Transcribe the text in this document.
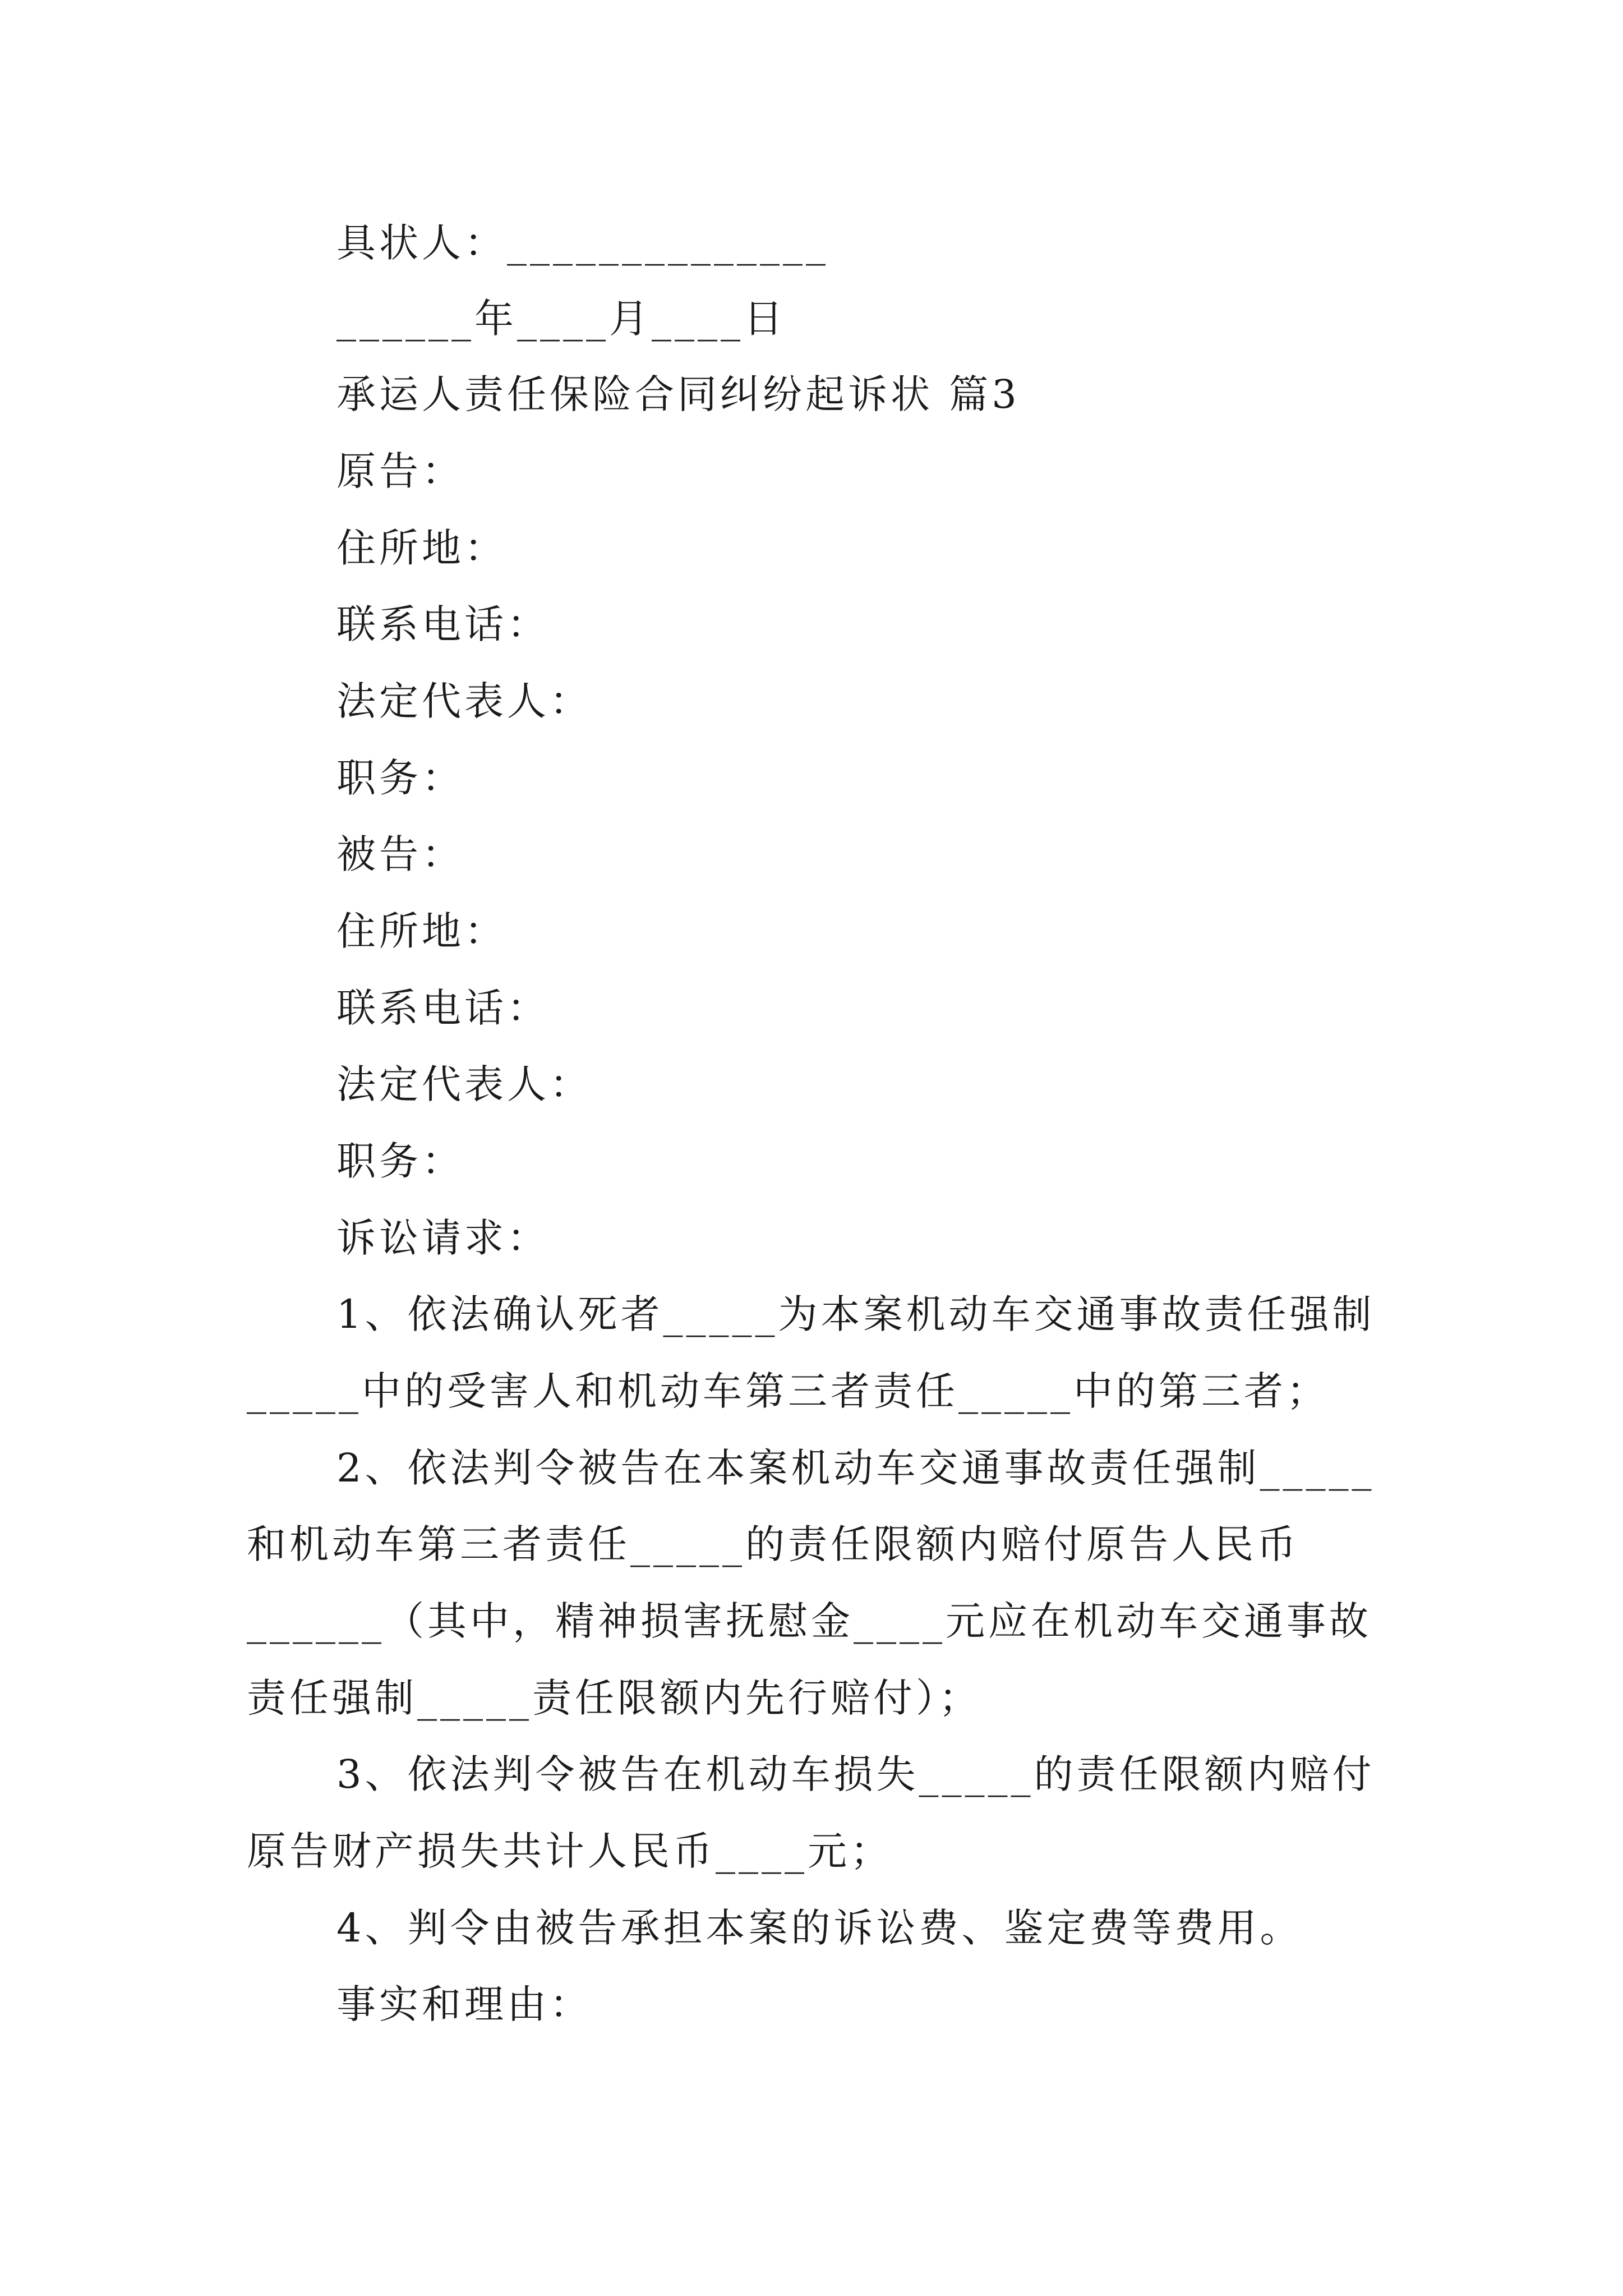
具状人：______________
______年____月____日
承运人责任保险合同纠纷起诉状 篇3
原告：
住所地：
联系电话：
法定代表人：
职务：
被告：
住所地：
联系电话：
法定代表人：
职务：
诉讼请求：
1、依法确认死者_____为本案机动车交通事故责任强制
_____中的受害人和机动车第三者责任_____中的第三者；
2、依法判令被告在本案机动车交通事故责任强制_____
和机动车第三者责任_____的责任限额内赔付原告人民币
______（其中，精神损害抚慰金____元应在机动车交通事故
责任强制_____责任限额内先行赔付）；
3、依法判令被告在机动车损失_____的责任限额内赔付
原告财产损失共计人民币____元；
4、判令由被告承担本案的诉讼费、鉴定费等费用。
事实和理由：
